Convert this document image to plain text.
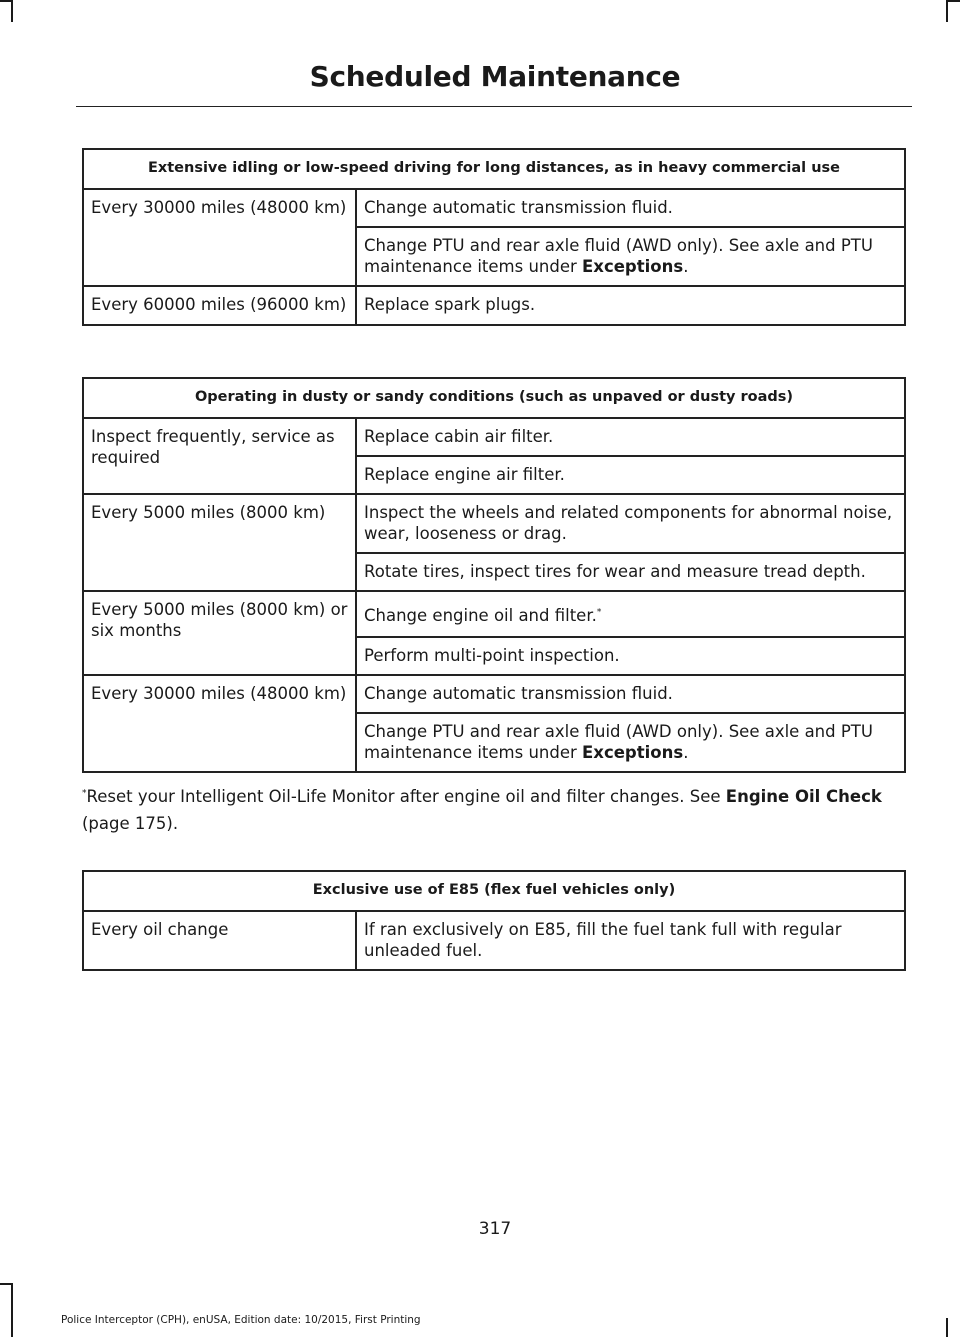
Scheduled Maintenance
Extensive idling or low-speed driving for long distances, as in heavy commercial use	
Every 30000 miles (48000 km)	Change automatic transmission fluid.
	Change PTU and rear axle fluid (AWD only). See axle and PTU maintenance items under Exceptions.
Every 60000 miles (96000 km)	Replace spark plugs.
Operating in dusty or sandy conditions (such as unpaved or dusty roads)	
Inspect frequently, service as required	Replace cabin air filter.
	Replace engine air filter.
Every 5000 miles (8000 km)	Inspect the wheels and related components for abnormal noise, wear, looseness or drag.
	Rotate tires, inspect tires for wear and measure tread depth.
Every 5000 miles (8000 km) or six months	Change engine oil and filter.*
	Perform multi-point inspection.
Every 30000 miles (48000 km)	Change automatic transmission fluid.
	Change PTU and rear axle fluid (AWD only). See axle and PTU maintenance items under Exceptions.
*Reset your Intelligent Oil-Life Monitor after engine oil and filter changes. See Engine Oil Check (page 175).
Exclusive use of E85 (flex fuel vehicles only)
Every oil change	If ran exclusively on E85, fill the fuel tank full with regular unleaded fuel.
317
Police Interceptor (CPH), enUSA, Edition date: 10/2015, First Printing
